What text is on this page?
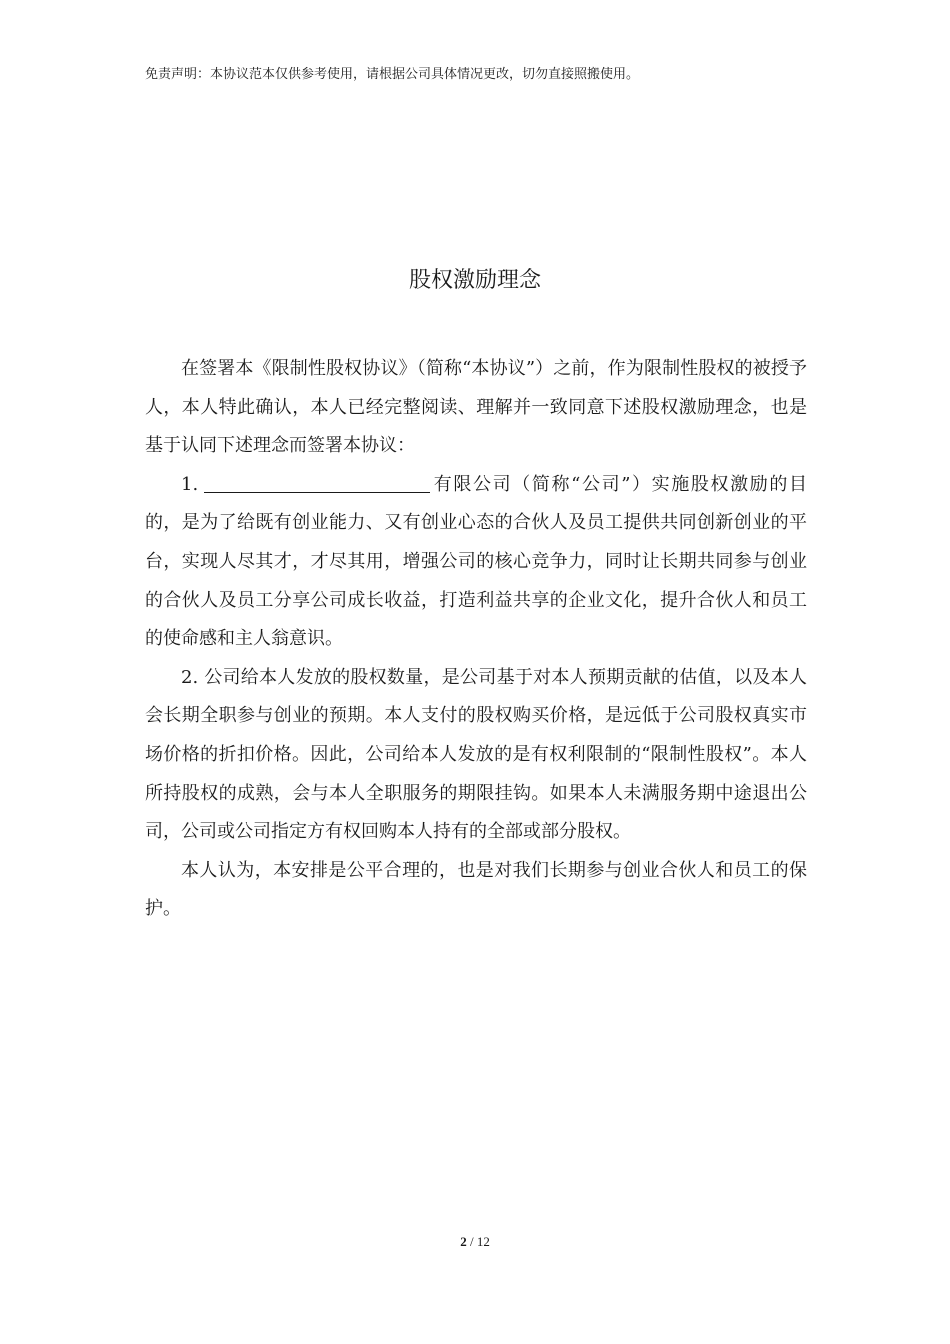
免责声明：本协议范本仅供参考使用，请根据公司具体情况更改，切勿直接照搬使用。
股权激励理念

在签署本《限制性股权协议》（简称“本协议”）之前，作为限制性股权的被授予人，本人特此确认，本人已经完整阅读、理解并一致同意下述股权激励理念，也是基于认同下述理念而签署本协议：

1.	有限公司（简称“公司”）实施股权激励的目的，是为了给既有创业能力、又有创业心态的合伙人及员工提供共同创新创业的平台，实现人尽其才，才尽其用，增强公司的核心竞争力，同时让长期共同参与创业的合伙人及员工分享公司成长收益，打造利益共享的企业文化，提升合伙人和员工的使命感和主人翁意识。

2. 公司给本人发放的股权数量，是公司基于对本人预期贡献的估值，以及本人会长期全职参与创业的预期。本人支付的股权购买价格，是远低于公司股权真实市场价格的折扣价格。因此，公司给本人发放的是有权利限制的“限制性股权”。本人所持股权的成熟，会与本人全职服务的期限挂钩。如果本人未满服务期中途退出公司，公司或公司指定方有权回购本人持有的全部或部分股权。

本人认为，本安排是公平合理的，也是对我们长期参与创业合伙人和员工的保护。

2 / 12
